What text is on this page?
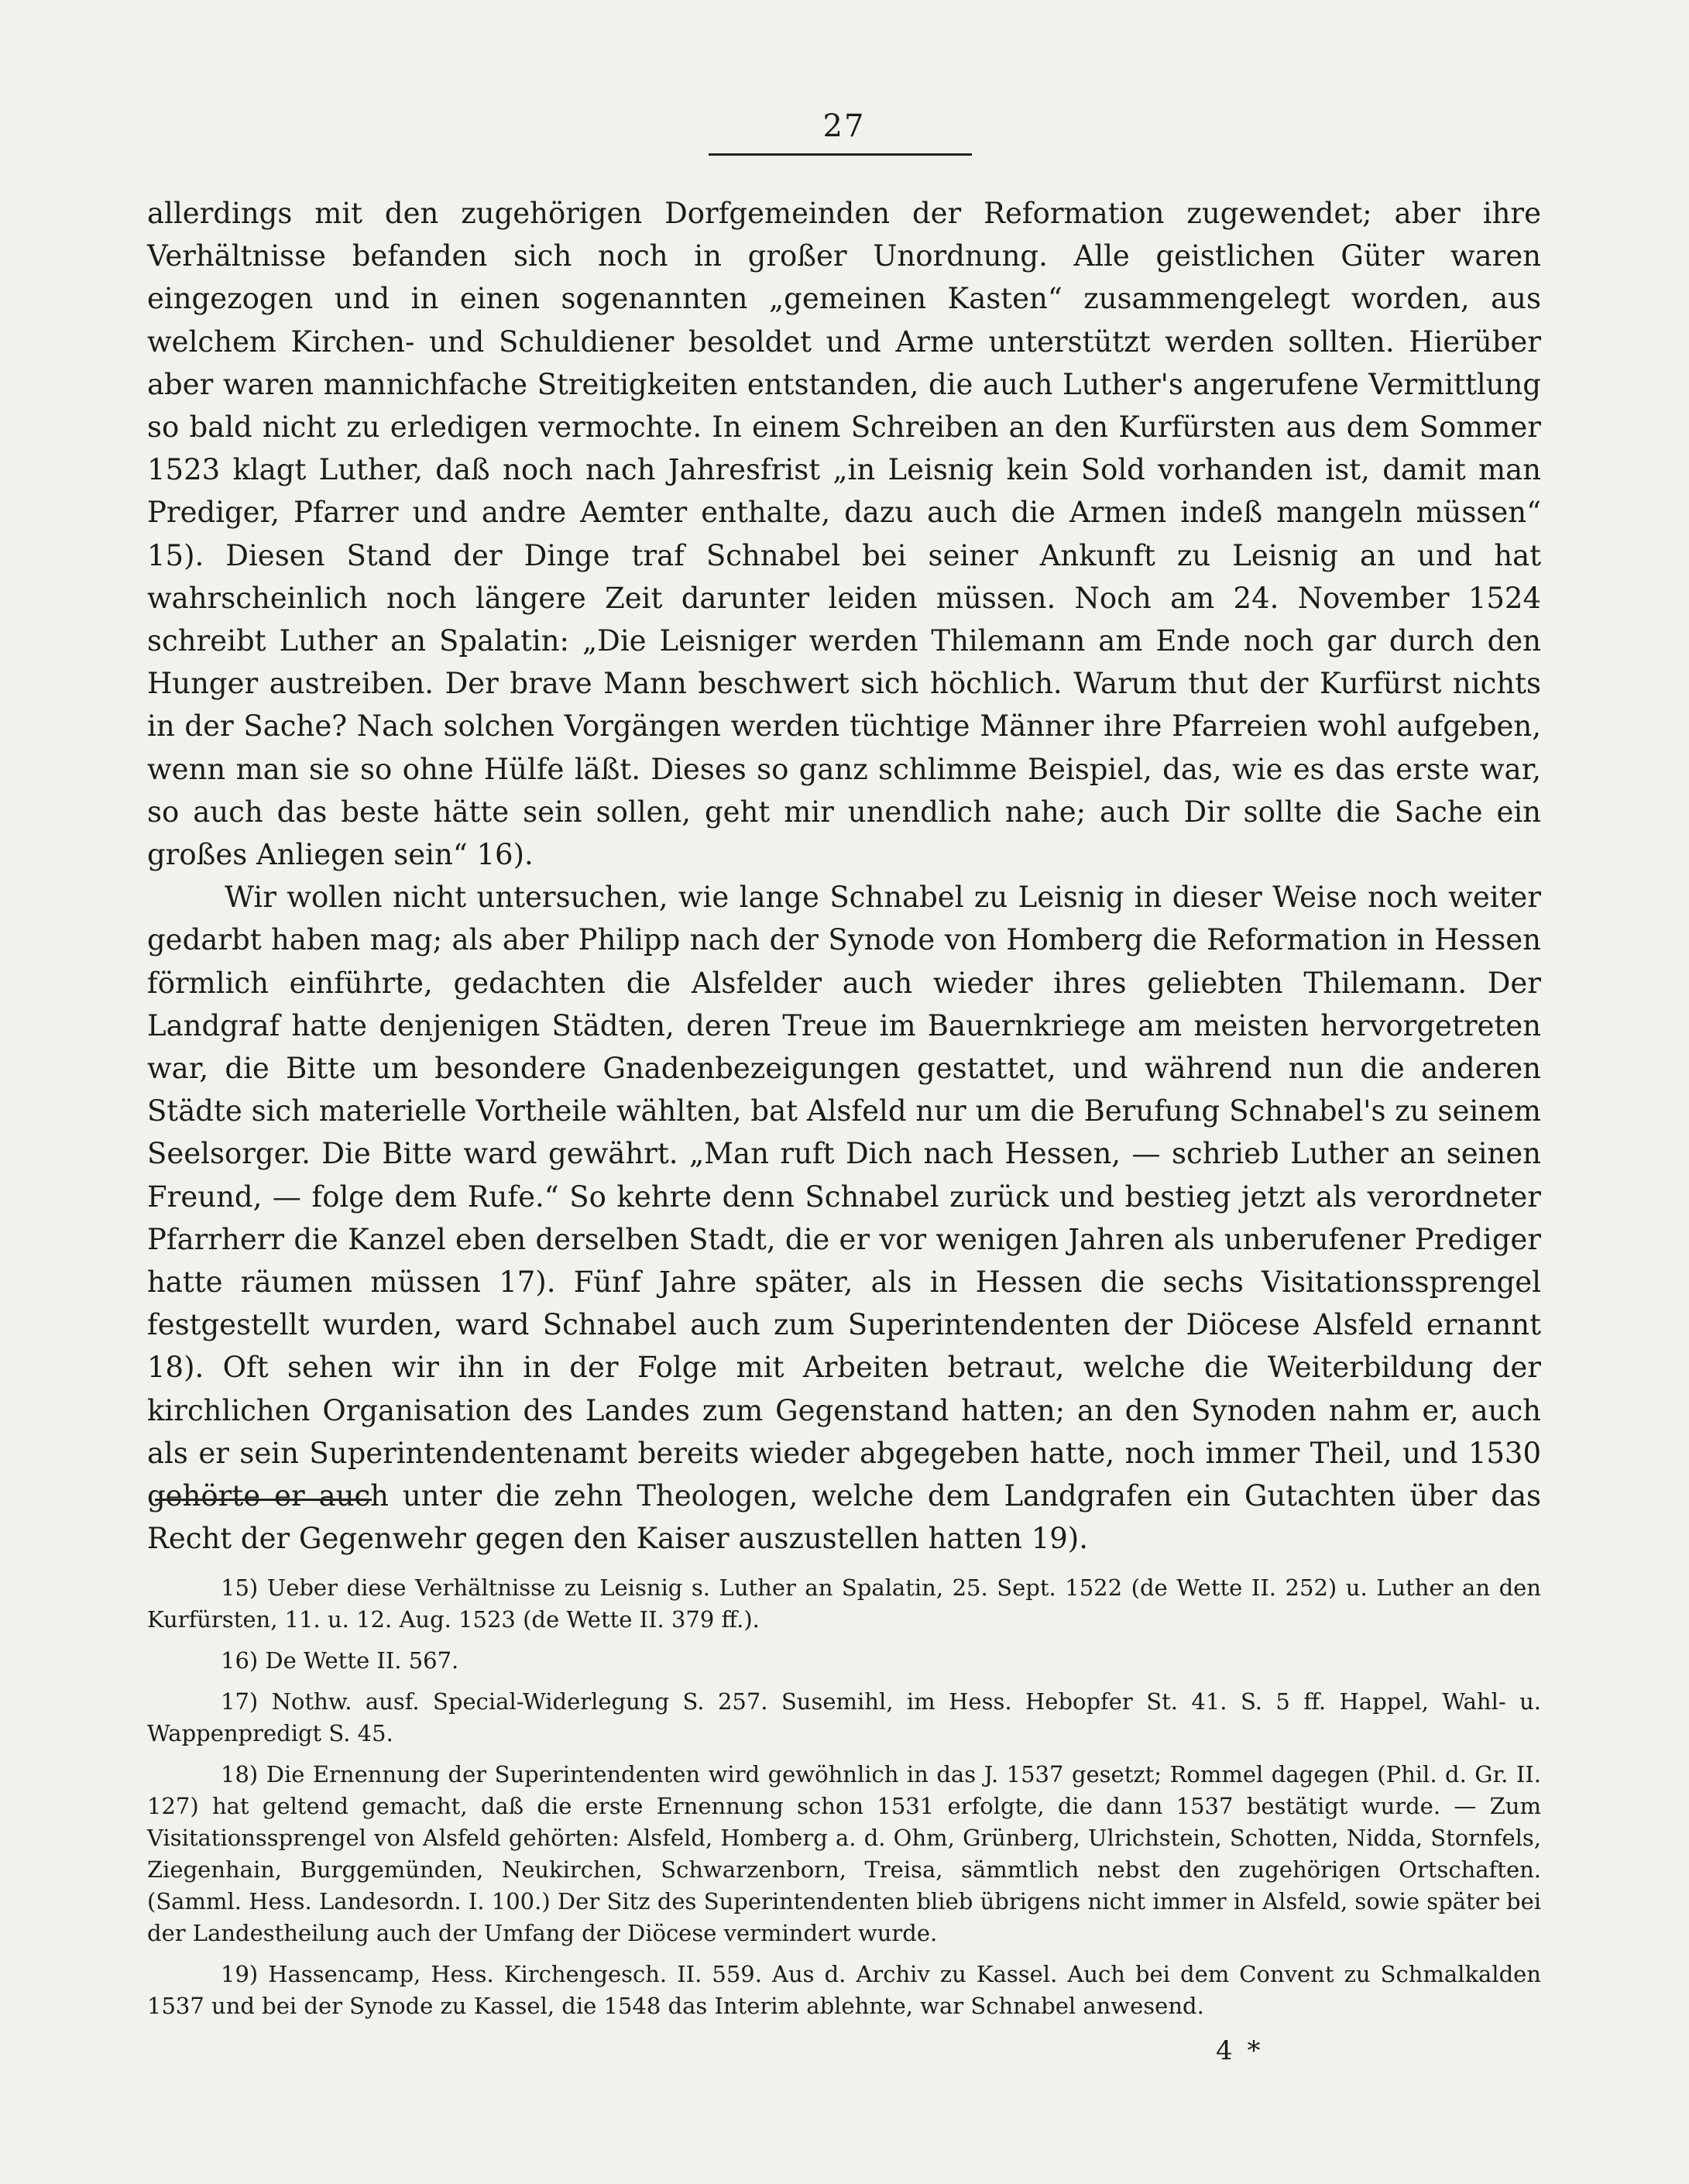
27

allerdings mit den zugehörigen Dorfgemeinden der Reformation zugewendet; aber ihre Verhältnisse befanden sich noch in großer Unordnung. Alle geistlichen Güter waren eingezogen und in einen sogenannten „gemeinen Kasten“ zusammengelegt worden, aus welchem Kirchen- und Schuldiener besoldet und Arme unterstützt werden sollten. Hierüber aber waren mannichfache Streitigkeiten entstanden, die auch Luther's angerufene Vermittlung so bald nicht zu erledigen vermochte. In einem Schreiben an den Kurfürsten aus dem Sommer 1523 klagt Luther, daß noch nach Jahresfrist „in Leisnig kein Sold vorhanden ist, damit man Prediger, Pfarrer und andre Aemter enthalte, dazu auch die Armen indeß mangeln müssen“ 15). Diesen Stand der Dinge traf Schnabel bei seiner Ankunft zu Leisnig an und hat wahrscheinlich noch längere Zeit darunter leiden müssen. Noch am 24. November 1524 schreibt Luther an Spalatin: „Die Leisniger werden Thilemann am Ende noch gar durch den Hunger austreiben. Der brave Mann beschwert sich höchlich. Warum thut der Kurfürst nichts in der Sache? Nach solchen Vorgängen werden tüchtige Männer ihre Pfarreien wohl aufgeben, wenn man sie so ohne Hülfe läßt. Dieses so ganz schlimme Beispiel, das, wie es das erste war, so auch das beste hätte sein sollen, geht mir unendlich nahe; auch Dir sollte die Sache ein großes Anliegen sein“ 16).

Wir wollen nicht untersuchen, wie lange Schnabel zu Leisnig in dieser Weise noch weiter gedarbt haben mag; als aber Philipp nach der Synode von Homberg die Reformation in Hessen förmlich einführte, gedachten die Alsfelder auch wieder ihres geliebten Thilemann. Der Landgraf hatte denjenigen Städten, deren Treue im Bauernkriege am meisten hervorgetreten war, die Bitte um besondere Gnadenbezeigungen gestattet, und während nun die anderen Städte sich materielle Vortheile wählten, bat Alsfeld nur um die Berufung Schnabel's zu seinem Seelsorger. Die Bitte ward gewährt. „Man ruft Dich nach Hessen, — schrieb Luther an seinen Freund, — folge dem Rufe.“ So kehrte denn Schnabel zurück und bestieg jetzt als verordneter Pfarrherr die Kanzel eben derselben Stadt, die er vor wenigen Jahren als unberufener Prediger hatte räumen müssen 17). Fünf Jahre später, als in Hessen die sechs Visitationssprengel festgestellt wurden, ward Schnabel auch zum Superintendenten der Diöcese Alsfeld ernannt 18). Oft sehen wir ihn in der Folge mit Arbeiten betraut, welche die Weiterbildung der kirchlichen Organisation des Landes zum Gegenstand hatten; an den Synoden nahm er, auch als er sein Superintendentenamt bereits wieder abgegeben hatte, noch immer Theil, und 1530 gehörte er auch unter die zehn Theologen, welche dem Landgrafen ein Gutachten über das Recht der Gegenwehr gegen den Kaiser auszustellen hatten 19).

15) Ueber diese Verhältnisse zu Leisnig s. Luther an Spalatin, 25. Sept. 1522 (de Wette II. 252) u. Luther an den Kurfürsten, 11. u. 12. Aug. 1523 (de Wette II. 379 ff.).

16) De Wette II. 567.

17) Nothw. ausf. Special-Widerlegung S. 257. Susemihl, im Hess. Hebopfer St. 41. S. 5 ff. Happel, Wahl- u. Wappenpredigt S. 45.

18) Die Ernennung der Superintendenten wird gewöhnlich in das J. 1537 gesetzt; Rommel dagegen (Phil. d. Gr. II. 127) hat geltend gemacht, daß die erste Ernennung schon 1531 erfolgte, die dann 1537 bestätigt wurde. — Zum Visitationssprengel von Alsfeld gehörten: Alsfeld, Homberg a. d. Ohm, Grünberg, Ulrichstein, Schotten, Nidda, Stornfels, Ziegenhain, Burggemünden, Neukirchen, Schwarzenborn, Treisa, sämmtlich nebst den zugehörigen Ortschaften. (Samml. Hess. Landesordn. I. 100.) Der Sitz des Superintendenten blieb übrigens nicht immer in Alsfeld, sowie später bei der Landestheilung auch der Umfang der Diöcese vermindert wurde.

19) Hassencamp, Hess. Kirchengesch. II. 559. Aus d. Archiv zu Kassel. Auch bei dem Convent zu Schmalkalden 1537 und bei der Synode zu Kassel, die 1548 das Interim ablehnte, war Schnabel anwesend.

4 *
